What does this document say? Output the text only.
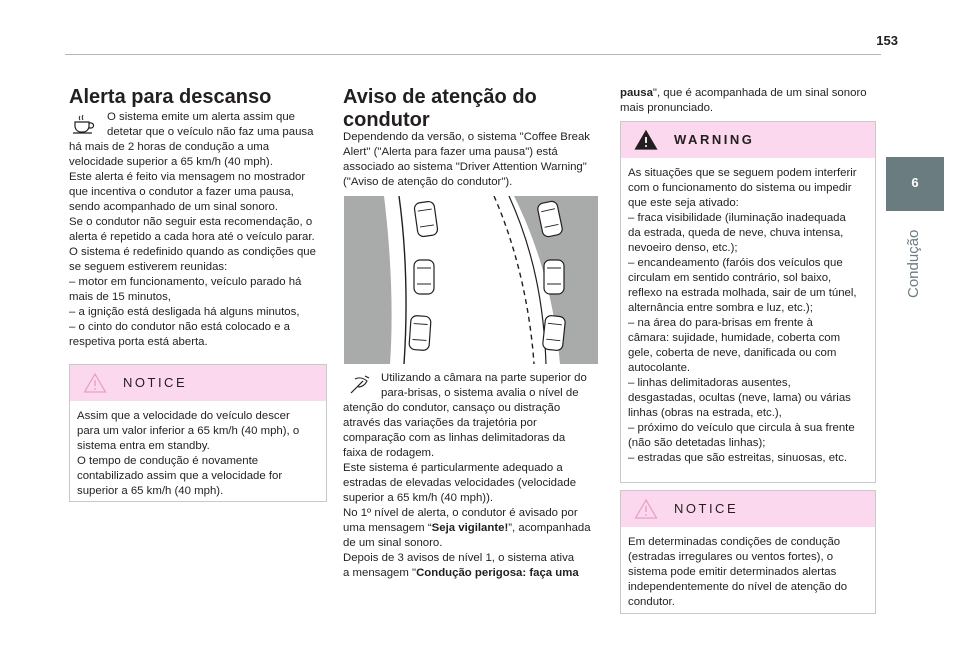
153
6
Condução
Alerta para descanso

O sistema emite um alerta assim que

detetar que o veículo não faz uma pausa

há mais de 2 horas de condução a uma

velocidade superior a 65 km/h (40 mph).

Este alerta é feito via mensagem no mostrador

que incentiva o condutor a fazer uma pausa,

sendo acompanhado de um sinal sonoro.

Se o condutor não seguir esta recomendação, o

alerta é repetido a cada hora até o veículo parar.

O sistema é redefinido quando as condições que

se seguem estiverem reunidas:

– motor em funcionamento, veículo parado há

mais de 15 minutos,

– a ignição está desligada há alguns minutos,

– o cinto do condutor não está colocado e a

respetiva porta está aberta.

NOTICE

Assim que a velocidade do veículo descer

para um valor inferior a 65 km/h (40 mph), o

sistema entra em standby.

O tempo de condução é novamente

contabilizado assim que a velocidade for

superior a 65 km/h (40 mph).

Aviso de atenção do
condutor

Dependendo da versão, o sistema "Coffee Break

Alert" ("Alerta para fazer uma pausa") está

associado ao sistema "Driver Attention Warning"

("Aviso de atenção do condutor").

Utilizando a câmara na parte superior do

para-brisas, o sistema avalia o nível de

atenção do condutor, cansaço ou distração

através das variações da trajetória por

comparação com as linhas delimitadoras da

faixa de rodagem.

Este sistema é particularmente adequado a

estradas de elevadas velocidades (velocidade

superior a 65 km/h (40 mph)).

No 1º nível de alerta, o condutor é avisado por

uma mensagem “Seja vigilante!”, acompanhada

de um sinal sonoro.

Depois de 3 avisos de nível 1, o sistema ativa

a mensagem "Condução perigosa: faça uma

pausa", que é acompanhada de um sinal sonoro

mais pronunciado.

WARNING

As situações que se seguem podem interferir

com o funcionamento do sistema ou impedir

que este seja ativado:

– fraca visibilidade (iluminação inadequada

da estrada, queda de neve, chuva intensa,

nevoeiro denso, etc.);

– encandeamento (faróis dos veículos que

circulam em sentido contrário, sol baixo,

reflexo na estrada molhada, sair de um túnel,

alternância entre sombra e luz, etc.);

– na área do para-brisas em frente à

câmara: sujidade, humidade, coberta com

gele, coberta de neve, danificada ou com

autocolante.

– linhas delimitadoras ausentes,

desgastadas, ocultas (neve, lama) ou várias

linhas (obras na estrada, etc.),

– próximo do veículo que circula à sua frente

(não são detetadas linhas);

– estradas que são estreitas, sinuosas, etc.

NOTICE

Em determinadas condições de condução

(estradas irregulares ou ventos fortes), o

sistema pode emitir determinados alertas

independentemente do nível de atenção do

condutor.
